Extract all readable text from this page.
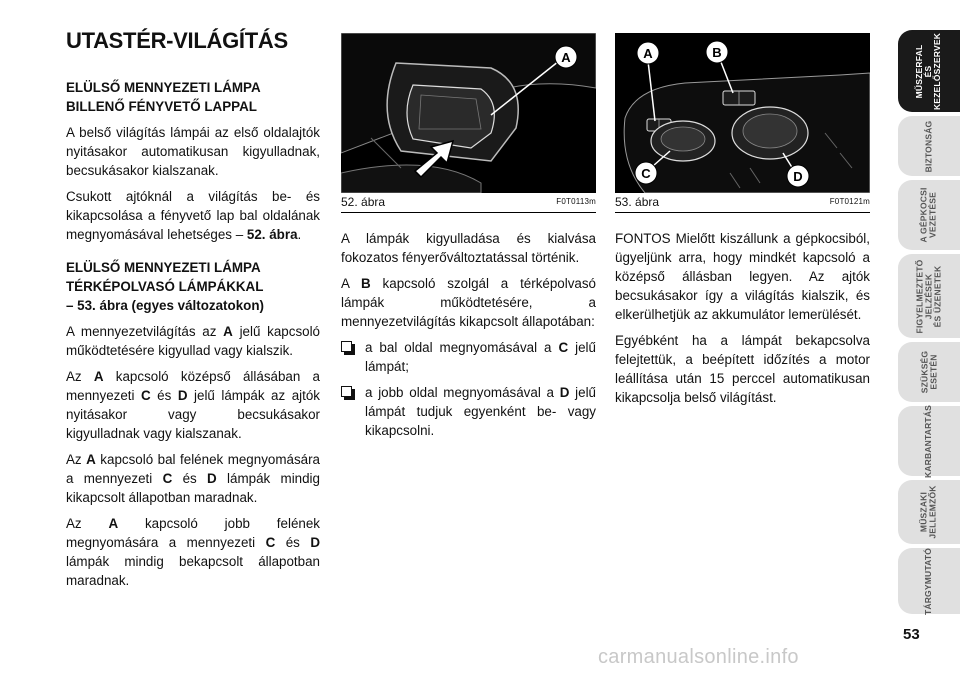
UTASTÉR-VILÁGÍTÁS

ELÜLSŐ MENNYEZETI LÁMPA BILLENŐ FÉNYVETŐ LAPPAL

A belső világítás lámpái az első oldalajtók nyitásakor automatikusan kigyulladnak, becsukásakor kialszanak.

Csukott ajtóknál a világítás be- és kikapcsolása a fényvető lap bal oldalának megnyomásával lehetséges – 52. ábra.

ELÜLSŐ MENNYEZETI LÁMPA TÉRKÉPOLVASÓ LÁMPÁKKAL
– 53. ábra (egyes változatokon)

A mennyezetvilágítás az A jelű kapcsoló működtetésére kigyullad vagy kialszik.

Az A kapcsoló középső állásában a mennyezeti C és D jelű lámpák az ajtók nyitásakor vagy becsukásakor kigyulladnak vagy kialszanak.

Az A kapcsoló bal felének megnyomására a mennyezeti C és D lámpák mindig kikapcsolt állapotban maradnak.

Az A kapcsoló jobb felének megnyomására a mennyezeti C és D lámpák mindig bekapcsolt állapotban maradnak.

A
52. ábra	F0T0113m
A	B
C	D
53. ábra	F0T0121m

A lámpák kigyulladása és kialvása fokozatos fényerőváltoztatással történik.

A B kapcsoló szolgál a térképolvasó lámpák működtetésére, a mennyezetvilágítás kikapcsolt állapotában:

a bal oldal megnyomásával a C jelű lámpát;
a jobb oldal megnyomásával a D jelű lámpát tudjuk egyenként be- vagy kikapcsolni.

FONTOS Mielőtt kiszállunk a gépkocsiból, ügyeljünk arra, hogy mindkét kapcsoló a középső állásban legyen. Az ajtók becsukásakor így a világítás kialszik, és elkerülhetjük az akkumulátor lemerülését.

Egyébként ha a lámpát bekapcsolva felejtettük, a beépített időzítés a motor leállítása után 15 perccel automatikusan kikapcsolja belső világítást.

MŰSZERFAL
ÉS
KEZELŐSZERVEK
BIZTONSÁG
A GÉPKOCSI
VEZETÉSE
FIGYELMEZTETŐ
JELZÉSEK
ÉS ÜZENETEK
SZÜKSÉG
ESETÉN
KARBANTARTÁS
MŰSZAKI
JELLEMZŐK
TÁRGYMUTATÓ
53
carmanualsonline.info
